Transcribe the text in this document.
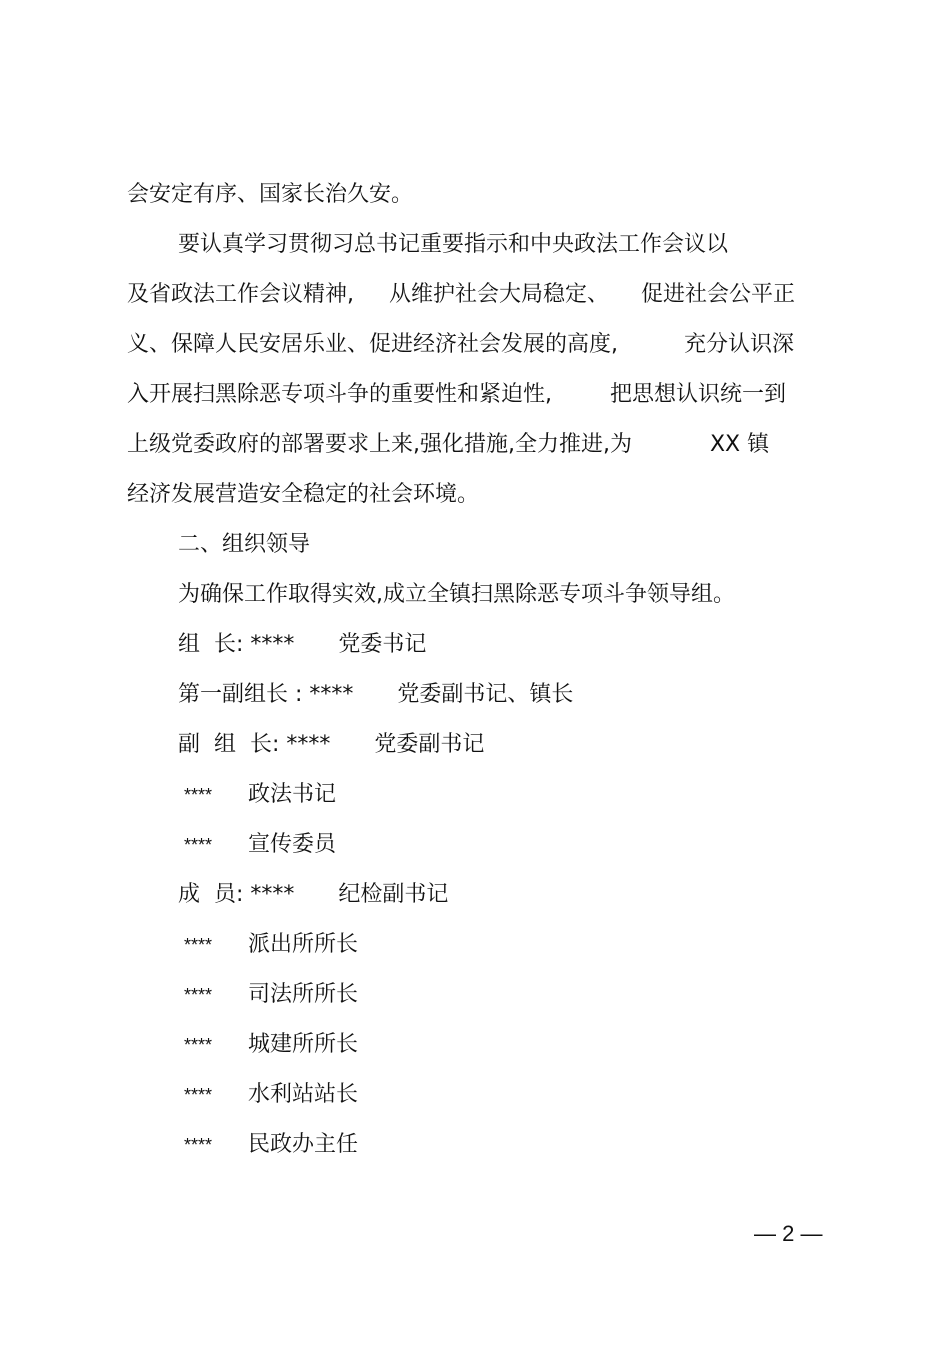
会安定有序、国家长治久安。

要认真学习贯彻习总书记重要指示和中央政法工作会议以

及省政法工作会议精神, 从维护社会大局稳定、 促进社会公平正

义、保障人民安居乐业、促进经济社会发展的高度,	充分认识深

入开展扫黑除恶专项斗争的重要性和紧迫性,	把思想认识统一到

上级党委政府的部署要求上来,强化措施,全力推进,为	XX 镇

经济发展营造安全稳定的社会环境。

二、组织领导

为确保工作取得实效,成立全镇扫黑除恶专项斗争领导组。

组  长: **** 党委书记

第一副组长 : **** 党委副书记、镇长

副  组  长: **** 党委副书记

**** 政法书记

**** 宣传委员

成  员: **** 纪检副书记

**** 派出所所长

**** 司法所所长

**** 城建所所长

**** 水利站站长

**** 民政办主任

— 2 —
